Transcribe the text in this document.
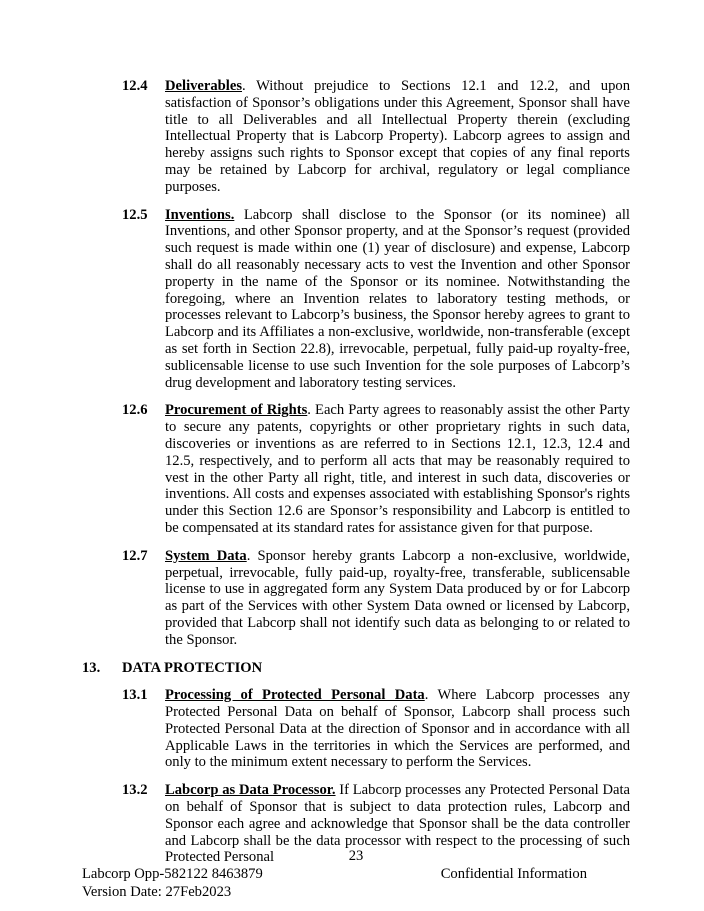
12.4	Deliverables. Without prejudice to Sections 12.1 and 12.2, and upon satisfaction of Sponsor’s obligations under this Agreement, Sponsor shall have title to all Deliverables and all Intellectual Property therein (excluding Intellectual Property that is Labcorp Property). Labcorp agrees to assign and hereby assigns such rights to Sponsor except that copies of any final reports may be retained by Labcorp for archival, regulatory or legal compliance purposes.

12.5	Inventions. Labcorp shall disclose to the Sponsor (or its nominee) all Inventions, and other Sponsor property, and at the Sponsor’s request (provided such request is made within one (1) year of disclosure) and expense, Labcorp shall do all reasonably necessary acts to vest the Invention and other Sponsor property in the name of the Sponsor or its nominee. Notwithstanding the foregoing, where an Invention relates to laboratory testing methods, or processes relevant to Labcorp’s business, the Sponsor hereby agrees to grant to Labcorp and its Affiliates a non-exclusive, worldwide, non-transferable (except as set forth in Section 22.8), irrevocable, perpetual, fully paid-up royalty-free, sublicensable license to use such Invention for the sole purposes of Labcorp’s drug development and laboratory testing services.

12.6	Procurement of Rights. Each Party agrees to reasonably assist the other Party to secure any patents, copyrights or other proprietary rights in such data, discoveries or inventions as are referred to in Sections 12.1, 12.3, 12.4 and 12.5, respectively, and to perform all acts that may be reasonably required to vest in the other Party all right, title, and interest in such data, discoveries or inventions. All costs and expenses associated with establishing Sponsor's rights under this Section 12.6 are Sponsor’s responsibility and Labcorp is entitled to be compensated at its standard rates for assistance given for that purpose.

12.7	System Data. Sponsor hereby grants Labcorp a non-exclusive, worldwide, perpetual, irrevocable, fully paid-up, royalty-free, transferable, sublicensable license to use in aggregated form any System Data produced by or for Labcorp as part of the Services with other System Data owned or licensed by Labcorp, provided that Labcorp shall not identify such data as belonging to or related to the Sponsor.

13.	DATA PROTECTION
13.1	Processing of Protected Personal Data. Where Labcorp processes any Protected Personal Data on behalf of Sponsor, Labcorp shall process such Protected Personal Data at the direction of Sponsor and in accordance with all Applicable Laws in the territories in which the Services are performed, and only to the minimum extent necessary to perform the Services.

13.2	Labcorp as Data Processor. If Labcorp processes any Protected Personal Data on behalf of Sponsor that is subject to data protection rules, Labcorp and Sponsor each agree and acknowledge that Sponsor shall be the data controller and Labcorp shall be the data processor with respect to the processing of such Protected Personal	23
Labcorp Opp-582122 8463879
Version Date: 27Feb2023
Confidential Information
